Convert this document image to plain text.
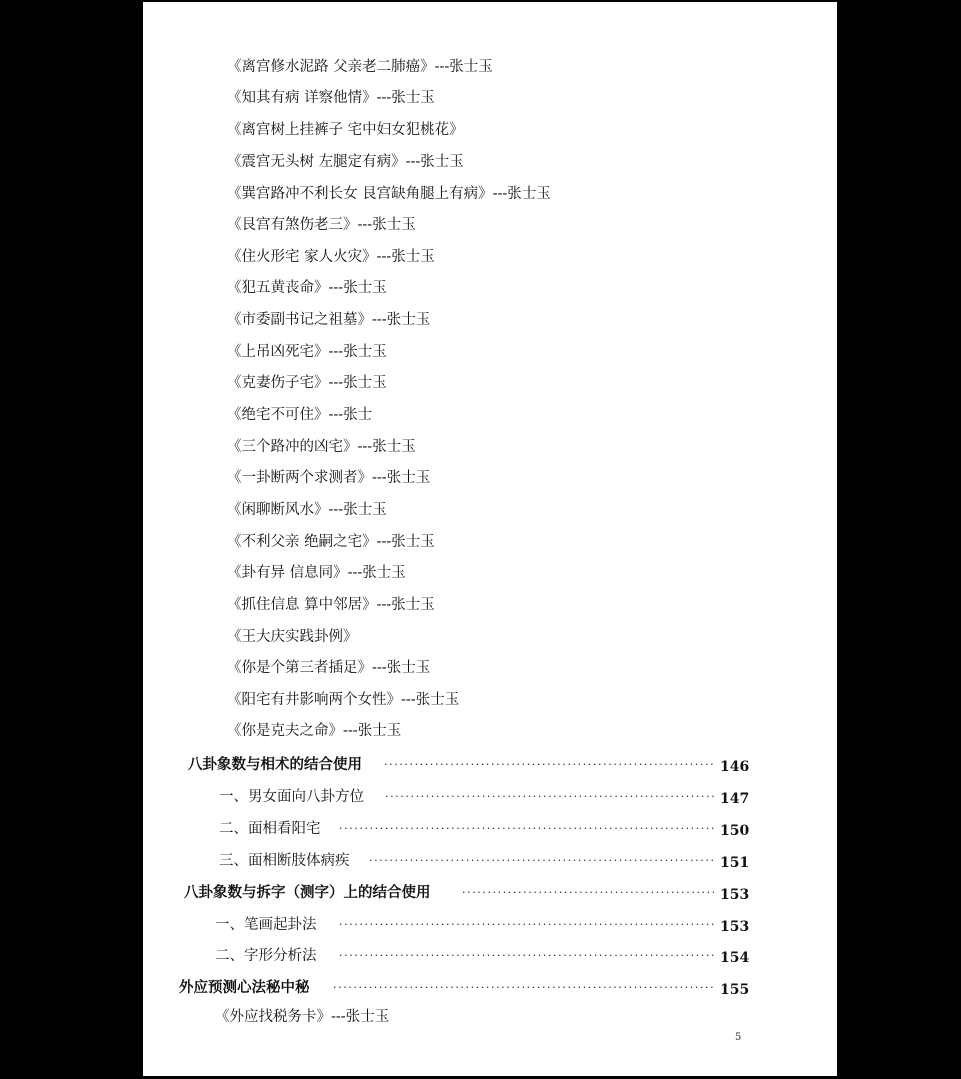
《离宫修水泥路 父亲老二肺癌》---张士玉
《知其有病 详察他情》---张士玉
《离宫树上挂裤子 宅中妇女犯桃花》
《震宫无头树 左腿定有病》---张士玉
《巽宫路冲不利长女 艮宫缺角腿上有病》---张士玉
《艮宫有煞伤老三》---张士玉
《住火形宅 家人火灾》---张士玉
《犯五黄丧命》---张士玉
《市委副书记之祖墓》---张士玉
《上吊凶死宅》---张士玉
《克妻伤子宅》---张士玉
《绝宅不可住》---张士
《三个路冲的凶宅》---张士玉
《一卦断两个求测者》---张士玉
《闲聊断风水》---张士玉
《不利父亲 绝嗣之宅》---张士玉
《卦有异 信息同》---张士玉
《抓住信息 算中邻居》---张士玉
《王大庆实践卦例》
《你是个第三者插足》---张士玉
《阳宅有井影响两个女性》---张士玉
《你是克夫之命》---张士玉
八卦象数与相术的结合使用 ·····	146
一、男女面向八卦方位 ·····	147
二、面相看阳宅 ·····	150
三、面相断肢体病疾 ·····	151
八卦象数与拆字（测字）上的结合使用 ·····	153
一、笔画起卦法 ·····	153
二、字形分析法 ·····	154
外应预测心法秘中秘 ·····	155
《外应找税务卡》---张士玉
5
